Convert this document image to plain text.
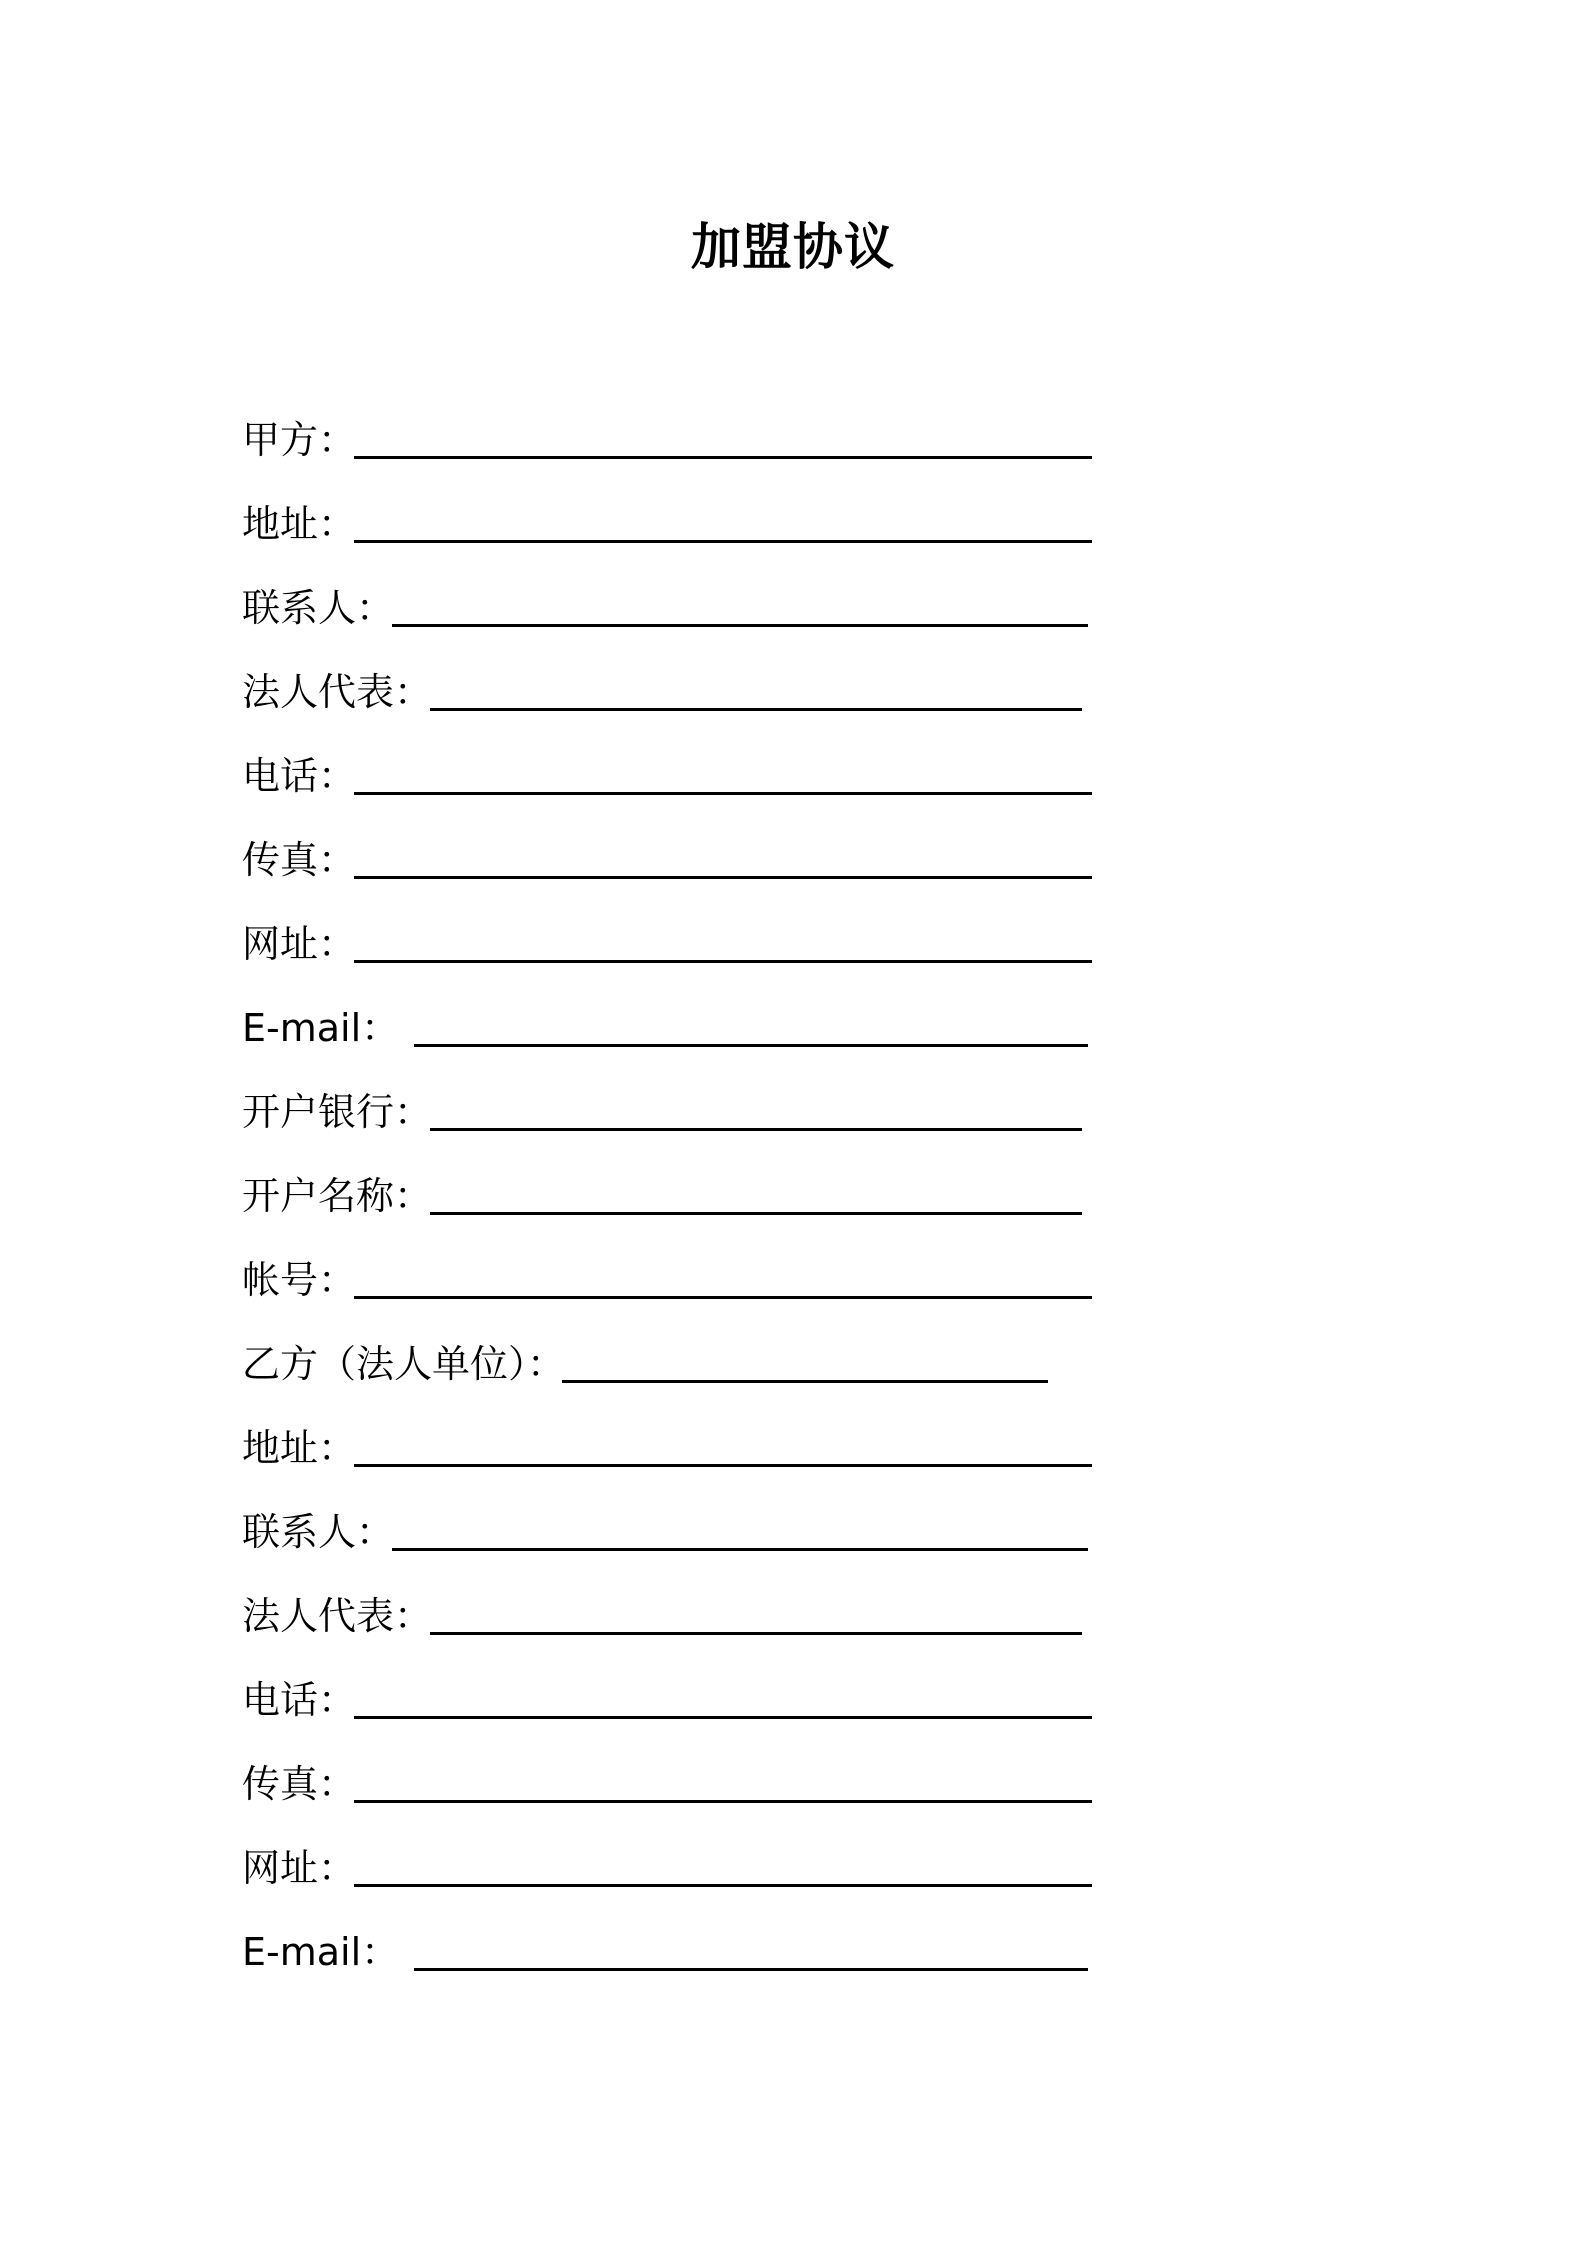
加盟协议
甲方：
地址：
联系人：
法人代表：
电话：
传真：
网址：
E-mail：
开户银行：
开户名称：
帐号：
乙方（法人单位）：
地址：
联系人：
法人代表：
电话：
传真：
网址：
E-mail：
